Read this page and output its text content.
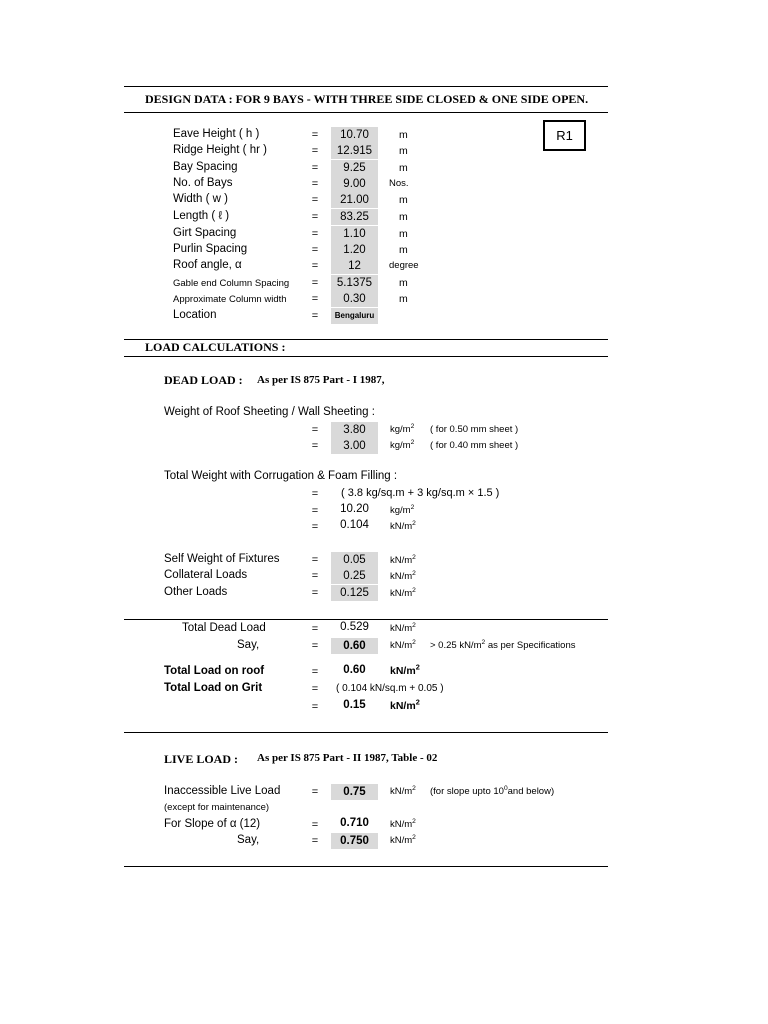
DESIGN DATA : FOR 9 BAYS - WITH THREE SIDE CLOSED & ONE SIDE OPEN.
R1
Eave Height ( h )	=	10.70	m
Ridge Height ( hr )	=	12.915	m
Bay Spacing	=	9.25	m
No. of Bays	=	9.00	Nos.
Width ( w )	=	21.00	m
Length ( ℓ )	=	83.25	m
Girt Spacing	=	1.10	m
Purlin Spacing	=	1.20	m
Roof angle, α	=	12	degree
Gable end Column Spacing =	5.1375	m
Approximate Column width =	0.30	m
Location	=	Bengaluru
LOAD CALCULATIONS :
DEAD LOAD : As per IS 875 Part - I 1987,
Weight of Roof Sheeting / Wall Sheeting :
=	3.80	$kg/m^2$ ( for 0.50 mm sheet )
=	3.00	$kg/m^2$ ( for 0.40 mm sheet )
Total Weight with Corrugation & Foam Filling :
= ( 3.8 kg/sq.m + 3 kg/sq.m × 1.5 )
=	10.20	$kg/m^2$
=	0.104	$kN/m^2$
Self Weight of Fixtures	=	0.05	$kN/m^2$
Collateral Loads	=	0.25	$kN/m^2$
Other Loads	=	0.125	$kN/m^2$
Total Dead Load	=	0.529	$kN/m^2$
Say,	=	0.60	$kN/m^2 > 0.25$ $kN/m^2$ as per Specifications
Total Load on roof	=	0.60	$kN/m^2$
Total Load on Grit	= ( 0.104 kN/sq.m + 0.05 )
=	0.15	$kN/m^2$
LIVE LOAD : As per IS 875 Part - II 1987, Table - 02
Inaccessible Live Load	=	0.75	$kN/m^2$ (for slope upto $10^0and$ below)
(except for maintenance)
For Slope of α (12)	=	0.710	$kN/m^2$
Say,	=	0.750	$kN/m^2$
